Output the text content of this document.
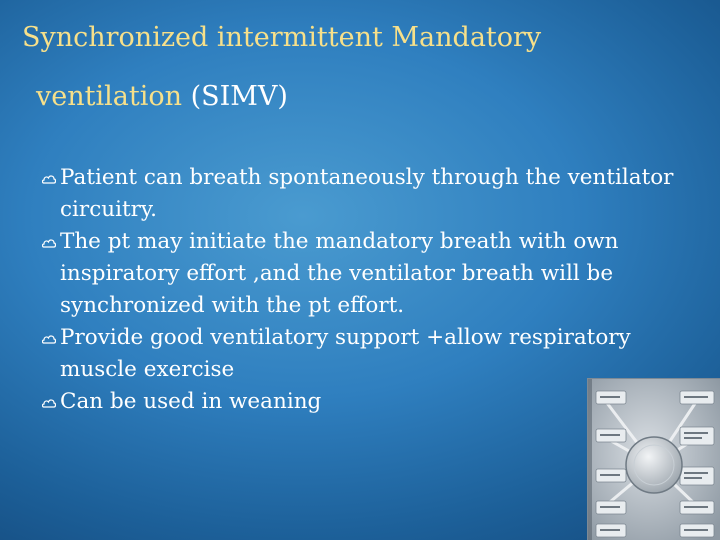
Synchronized intermittent Mandatory
ventilation (SIMV)
Patient can breath spontaneously through the ventilator circuitry.
The pt may initiate the mandatory breath with own inspiratory effort ,and the ventilator breath will be synchronized with the pt effort.
Provide good ventilatory support +allow respiratory muscle exercise
Can be used in weaning
